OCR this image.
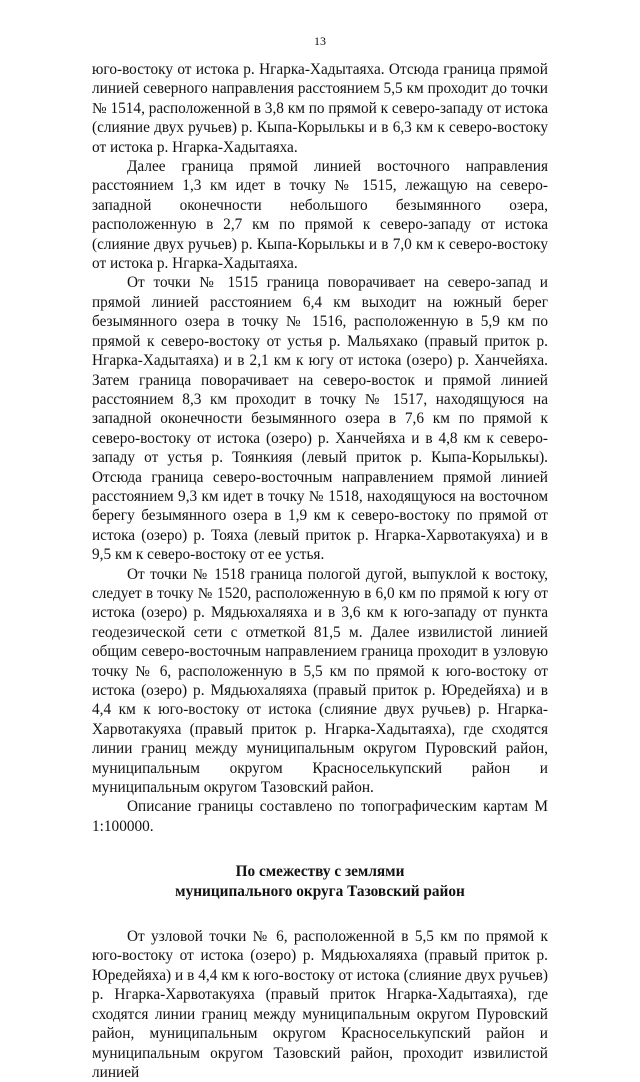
13

юго-востоку от истока р. Нгарка-Хадытаяха. Отсюда граница прямой линией северного направления расстоянием 5,5 км проходит до точки № 1514, расположенной в 3,8 км по прямой к северо-западу от истока (слияние двух ручьев) р. Кыпа-Корылькы и в 6,3 км к северо-востоку от истока р. Нгарка-Хадытаяха.

Далее граница прямой линией восточного направления расстоянием 1,3 км идет в точку № 1515, лежащую на северо-западной оконечности небольшого безымянного озера, расположенную в 2,7 км по прямой к северо-западу от истока (слияние двух ручьев) р. Кыпа-Корылькы и в 7,0 км к северо-востоку от истока р. Нгарка-Хадытаяха.

От точки № 1515 граница поворачивает на северо-запад и прямой линией расстоянием 6,4 км выходит на южный берег безымянного озера в точку № 1516, расположенную в 5,9 км по прямой к северо-востоку от устья р. Мальяхако (правый приток р. Нгарка-Хадытаяха) и в 2,1 км к югу от истока (озеро) р. Ханчейяха. Затем граница поворачивает на северо-восток и прямой линией расстоянием 8,3 км проходит в точку № 1517, находящуюся на западной оконечности безымянного озера в 7,6 км по прямой к северо-востоку от истока (озеро) р. Ханчейяха и в 4,8 км к северо-западу от устья р. Тоянкияя (левый приток р. Кыпа-Корылькы). Отсюда граница северо-восточным направлением прямой линией расстоянием 9,3 км идет в точку № 1518, находящуюся на восточном берегу безымянного озера в 1,9 км к северо-востоку по прямой от истока (озеро) р. Тояха (левый приток р. Нгарка-Харвотакуяха) и в 9,5 км к северо-востоку от ее устья.

От точки № 1518 граница пологой дугой, выпуклой к востоку, следует в точку № 1520, расположенную в 6,0 км по прямой к югу от истока (озеро) р. Мядьюхаляяха и в 3,6 км к юго-западу от пункта геодезической сети с отметкой 81,5 м. Далее извилистой линией общим северо-восточным направлением граница проходит в узловую точку № 6, расположенную в 5,5 км по прямой к юго-востоку от истока (озеро) р. Мядьюхаляяха (правый приток р. Юредейяха) и в 4,4 км к юго-востоку от истока (слияние двух ручьев) р. Нгарка-Харвотакуяха (правый приток р. Нгарка-Хадытаяха), где сходятся линии границ между муниципальным округом Пуровский район, муниципальным округом Красноселькупский район и муниципальным округом Тазовский район.

Описание границы составлено по топографическим картам М 1:100000.

По смежеству с землями
муниципального округа Тазовский район

От узловой точки № 6, расположенной в 5,5 км по прямой к юго-востоку от истока (озеро) р. Мядьюхаляяха (правый приток р. Юредейяха) и в 4,4 км к юго-востоку от истока (слияние двух ручьев) р. Нгарка-Харвотакуяха (правый приток Нгарка-Хадытаяха), где сходятся линии границ между муниципальным округом Пуровский район, муниципальным округом Красноселькупский район и муниципальным округом Тазовский район, проходит извилистой линией
